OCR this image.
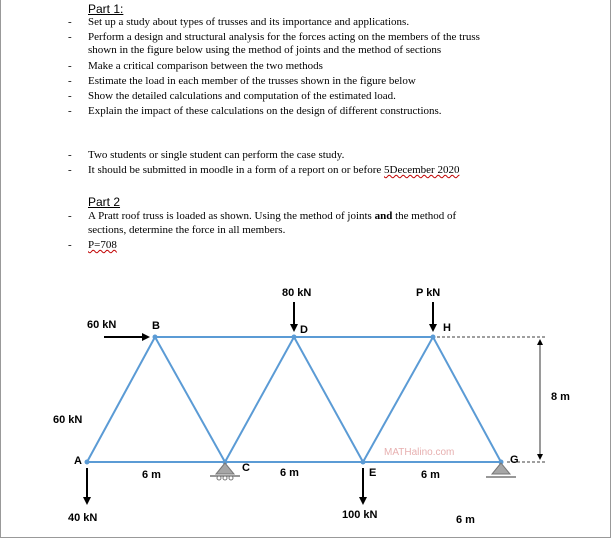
Part 1:
- Set up a study about types of trusses and its importance and applications.
- Perform a design and structural analysis for the forces acting on the members of the truss
shown in the figure below using the method of joints and the method of sections
- Make a critical comparison between the two methods
- Estimate the load in each member of the trusses shown in the figure below
- Show the detailed calculations and computation of the estimated load.
- Explain the impact of these calculations on the design of different constructions.
- Two students or single student can perform the case study.
- It should be submitted in moodle in a form of a report on or before 5December 2020
Part 2
- A Pratt roof truss is loaded as shown. Using the method of joints and the method of
sections, determine the force in all members.
- P=708
MATHalino.com
80 kN	P kN
60 kN
60 kN
40 kN	100 kN
A
B
C
D
E
H
G
6 m	6 m	6 m
6 m
8 m
